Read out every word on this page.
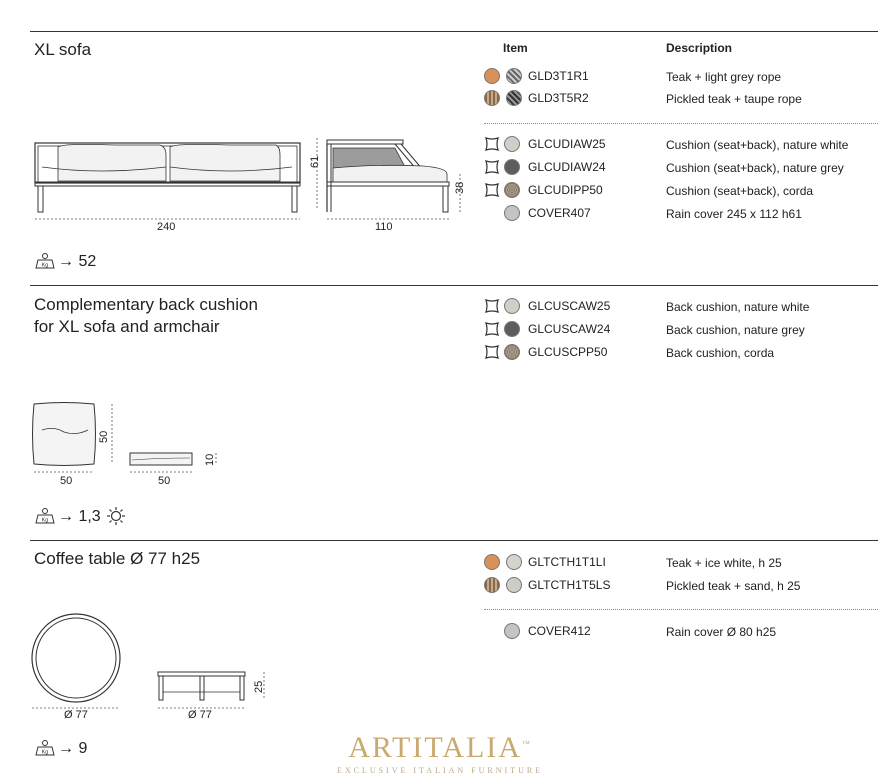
XL sofa	Item	Description
240
61
38
110
Kg → 52
GLD3T1R1	Teak + light grey rope
GLD3T5R2	Pickled teak + taupe rope
GLCUDIAW25	Cushion (seat+back), nature white
GLCUDIAW24	Cushion (seat+back), nature grey
GLCUDIPP50	Cushion (seat+back), corda
COVER407	Rain cover 245 x 112 h61
Complementary back cushion
for XL sofa and armchair
50
50	50
10
Kg → 1,3
GLCUSCAW25	Back cushion, nature white
GLCUSCAW24	Back cushion, nature grey
GLCUSCPP50	Back cushion, corda
Coffee table Ø 77 h25
Ø 77	Ø 77
25
Kg → 9
GLTCTH1T1LI	Teak + ice white, h 25
GLTCTH1T5LS	Pickled teak + sand, h 25
COVER412	Rain cover Ø 80 h25
ARTITALIA™
EXCLUSIVE ITALIAN FURNITURE
